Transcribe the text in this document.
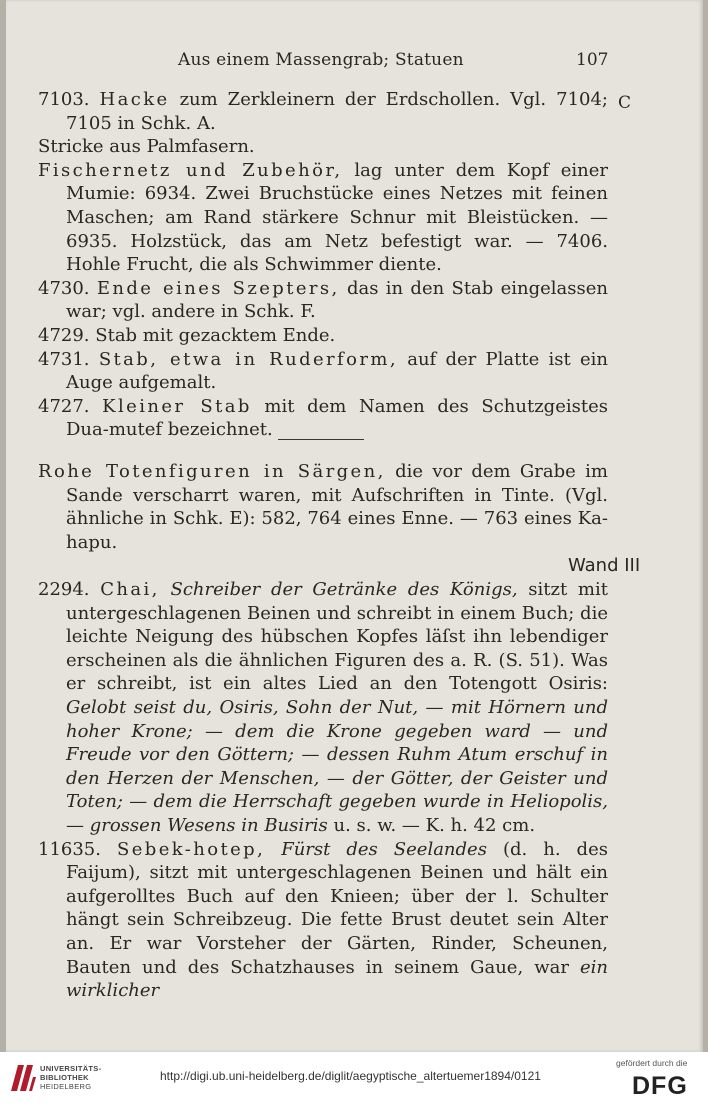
Aus einem Massengrab; Statuen	107
C

7103. Hacke zum Zerkleinern der Erdschollen. Vgl. 7104; 7105 in Schk. A.

Stricke aus Palmfasern.

Fischernetz und Zubehör, lag unter dem Kopf einer Mumie: 6934. Zwei Bruchstücke eines Netzes mit feinen Maschen; am Rand stärkere Schnur mit Bleistücken. — 6935. Holzstück, das am Netz befestigt war. — 7406. Hohle Frucht, die als Schwimmer diente.

4730. Ende eines Szepters, das in den Stab eingelassen war; vgl. andere in Schk. F.

4729. Stab mit gezacktem Ende.

4731. Stab, etwa in Ruderform, auf der Platte ist ein Auge aufgemalt.

4727. Kleiner Stab mit dem Namen des Schutzgeistes Dua-mutef bezeichnet.

Rohe Totenfiguren in Särgen, die vor dem Grabe im Sande verscharrt waren, mit Aufschriften in Tinte. (Vgl. ähnliche in Schk. E): 582, 764 eines Enne. — 763 eines Ka-hapu.

Wand III

2294. Chai, Schreiber der Getränke des Königs, sitzt mit untergeschlagenen Beinen und schreibt in einem Buch; die leichte Neigung des hübschen Kopfes läſst ihn lebendiger erscheinen als die ähnlichen Figuren des a. R. (S. 51). Was er schreibt, ist ein altes Lied an den Totengott Osiris: Gelobt seist du, Osiris, Sohn der Nut, — mit Hörnern und hoher Krone; — dem die Krone gegeben ward — und Freude vor den Göttern; — dessen Ruhm Atum erschuf in den Herzen der Menschen, — der Götter, der Geister und Toten; — dem die Herrschaft gegeben wurde in Heliopolis, — grossen Wesens in Busiris u. s. w. — K. h. 42 cm.

11635. Sebek-hotep, Fürst des Seelandes (d. h. des Faijum), sitzt mit untergeschlagenen Beinen und hält ein aufgerolltes Buch auf den Knieen; über der l. Schulter hängt sein Schreibzeug. Die fette Brust deutet sein Alter an. Er war Vorsteher der Gärten, Rinder, Scheunen, Bauten und des Schatzhauses in seinem Gaue, war ein wirklicher

UNIVERSITÄTS-
BIBLIOTHEK
HEIDELBERG
http://digi.ub.uni-heidelberg.de/diglit/aegyptische_altertuemer1894/0121
gefördert durch die
DFG
